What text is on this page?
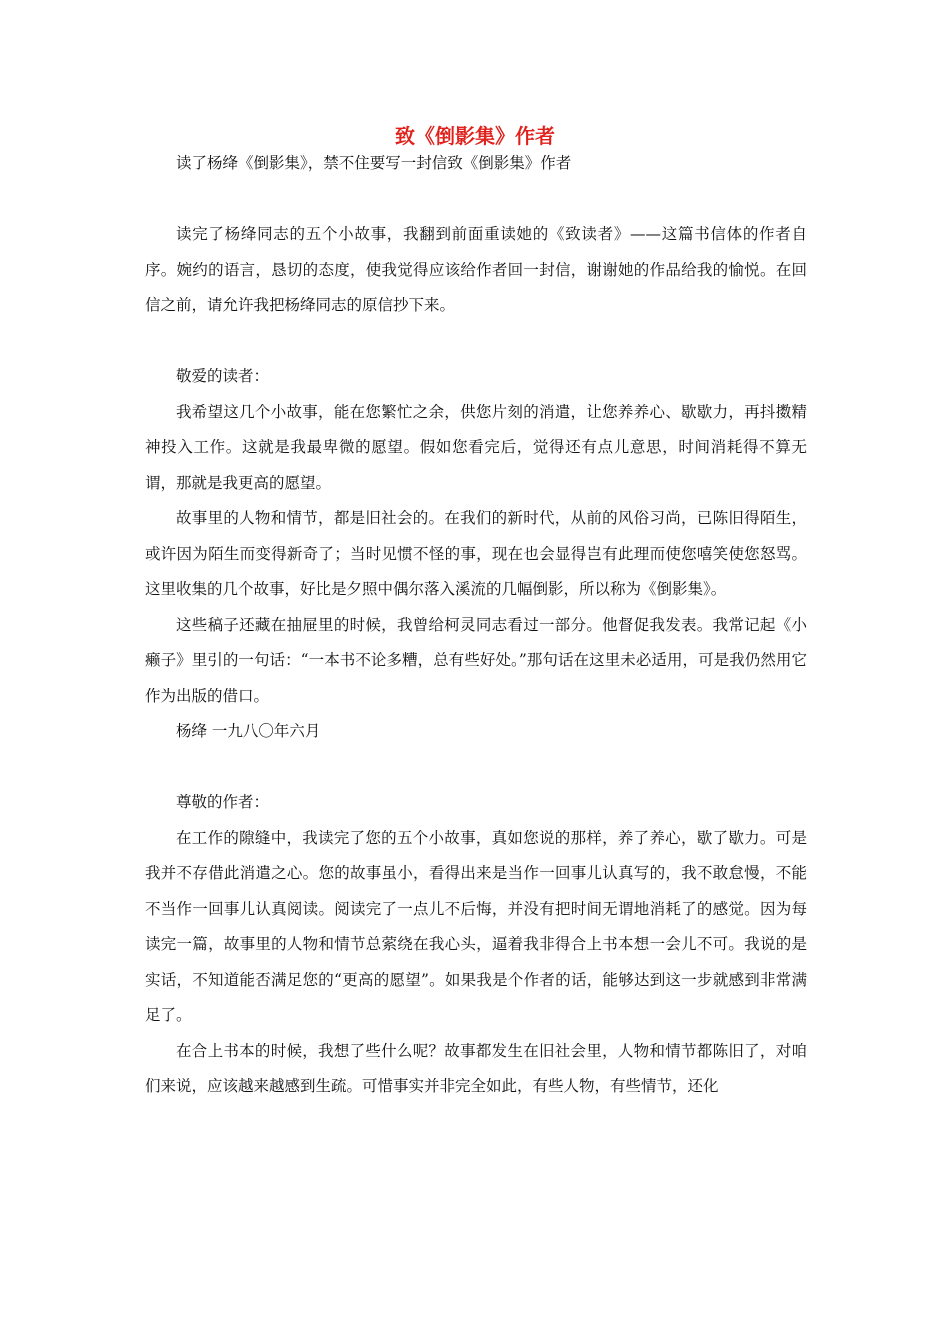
致《倒影集》作者

读了杨绛《倒影集》，禁不住要写一封信致《倒影集》作者

读完了杨绛同志的五个小故事，我翻到前面重读她的《致读者》——这篇书信体的作者自序。婉约的语言，恳切的态度，使我觉得应该给作者回一封信，谢谢她的作品给我的愉悦。在回信之前，请允许我把杨绛同志的原信抄下来。

敬爱的读者：

我希望这几个小故事，能在您繁忙之余，供您片刻的消遣，让您养养心、歇歇力，再抖擞精神投入工作。这就是我最卑微的愿望。假如您看完后，觉得还有点儿意思，时间消耗得不算无谓，那就是我更高的愿望。

故事里的人物和情节，都是旧社会的。在我们的新时代，从前的风俗习尚，已陈旧得陌生，或许因为陌生而变得新奇了；当时见惯不怪的事，现在也会显得岂有此理而使您嘻笑使您怒骂。这里收集的几个故事，好比是夕照中偶尔落入溪流的几幅倒影，所以称为《倒影集》。

这些稿子还藏在抽屉里的时候，我曾给柯灵同志看过一部分。他督促我发表。我常记起《小癞子》里引的一句话：“一本书不论多糟，总有些好处。”那句话在这里未必适用，可是我仍然用它作为出版的借口。

杨绛 一九八〇年六月

尊敬的作者：

在工作的隙缝中，我读完了您的五个小故事，真如您说的那样，养了养心，歇了歇力。可是我并不存借此消遣之心。您的故事虽小，看得出来是当作一回事儿认真写的，我不敢怠慢，不能不当作一回事儿认真阅读。阅读完了一点儿不后悔，并没有把时间无谓地消耗了的感觉。因为每读完一篇，故事里的人物和情节总萦绕在我心头，逼着我非得合上书本想一会儿不可。我说的是实话，不知道能否满足您的“更高的愿望”。如果我是个作者的话，能够达到这一步就感到非常满足了。

在合上书本的时候，我想了些什么呢？故事都发生在旧社会里，人物和情节都陈旧了，对咱们来说，应该越来越感到生疏。可惜事实并非完全如此，有些人物，有些情节，还化
